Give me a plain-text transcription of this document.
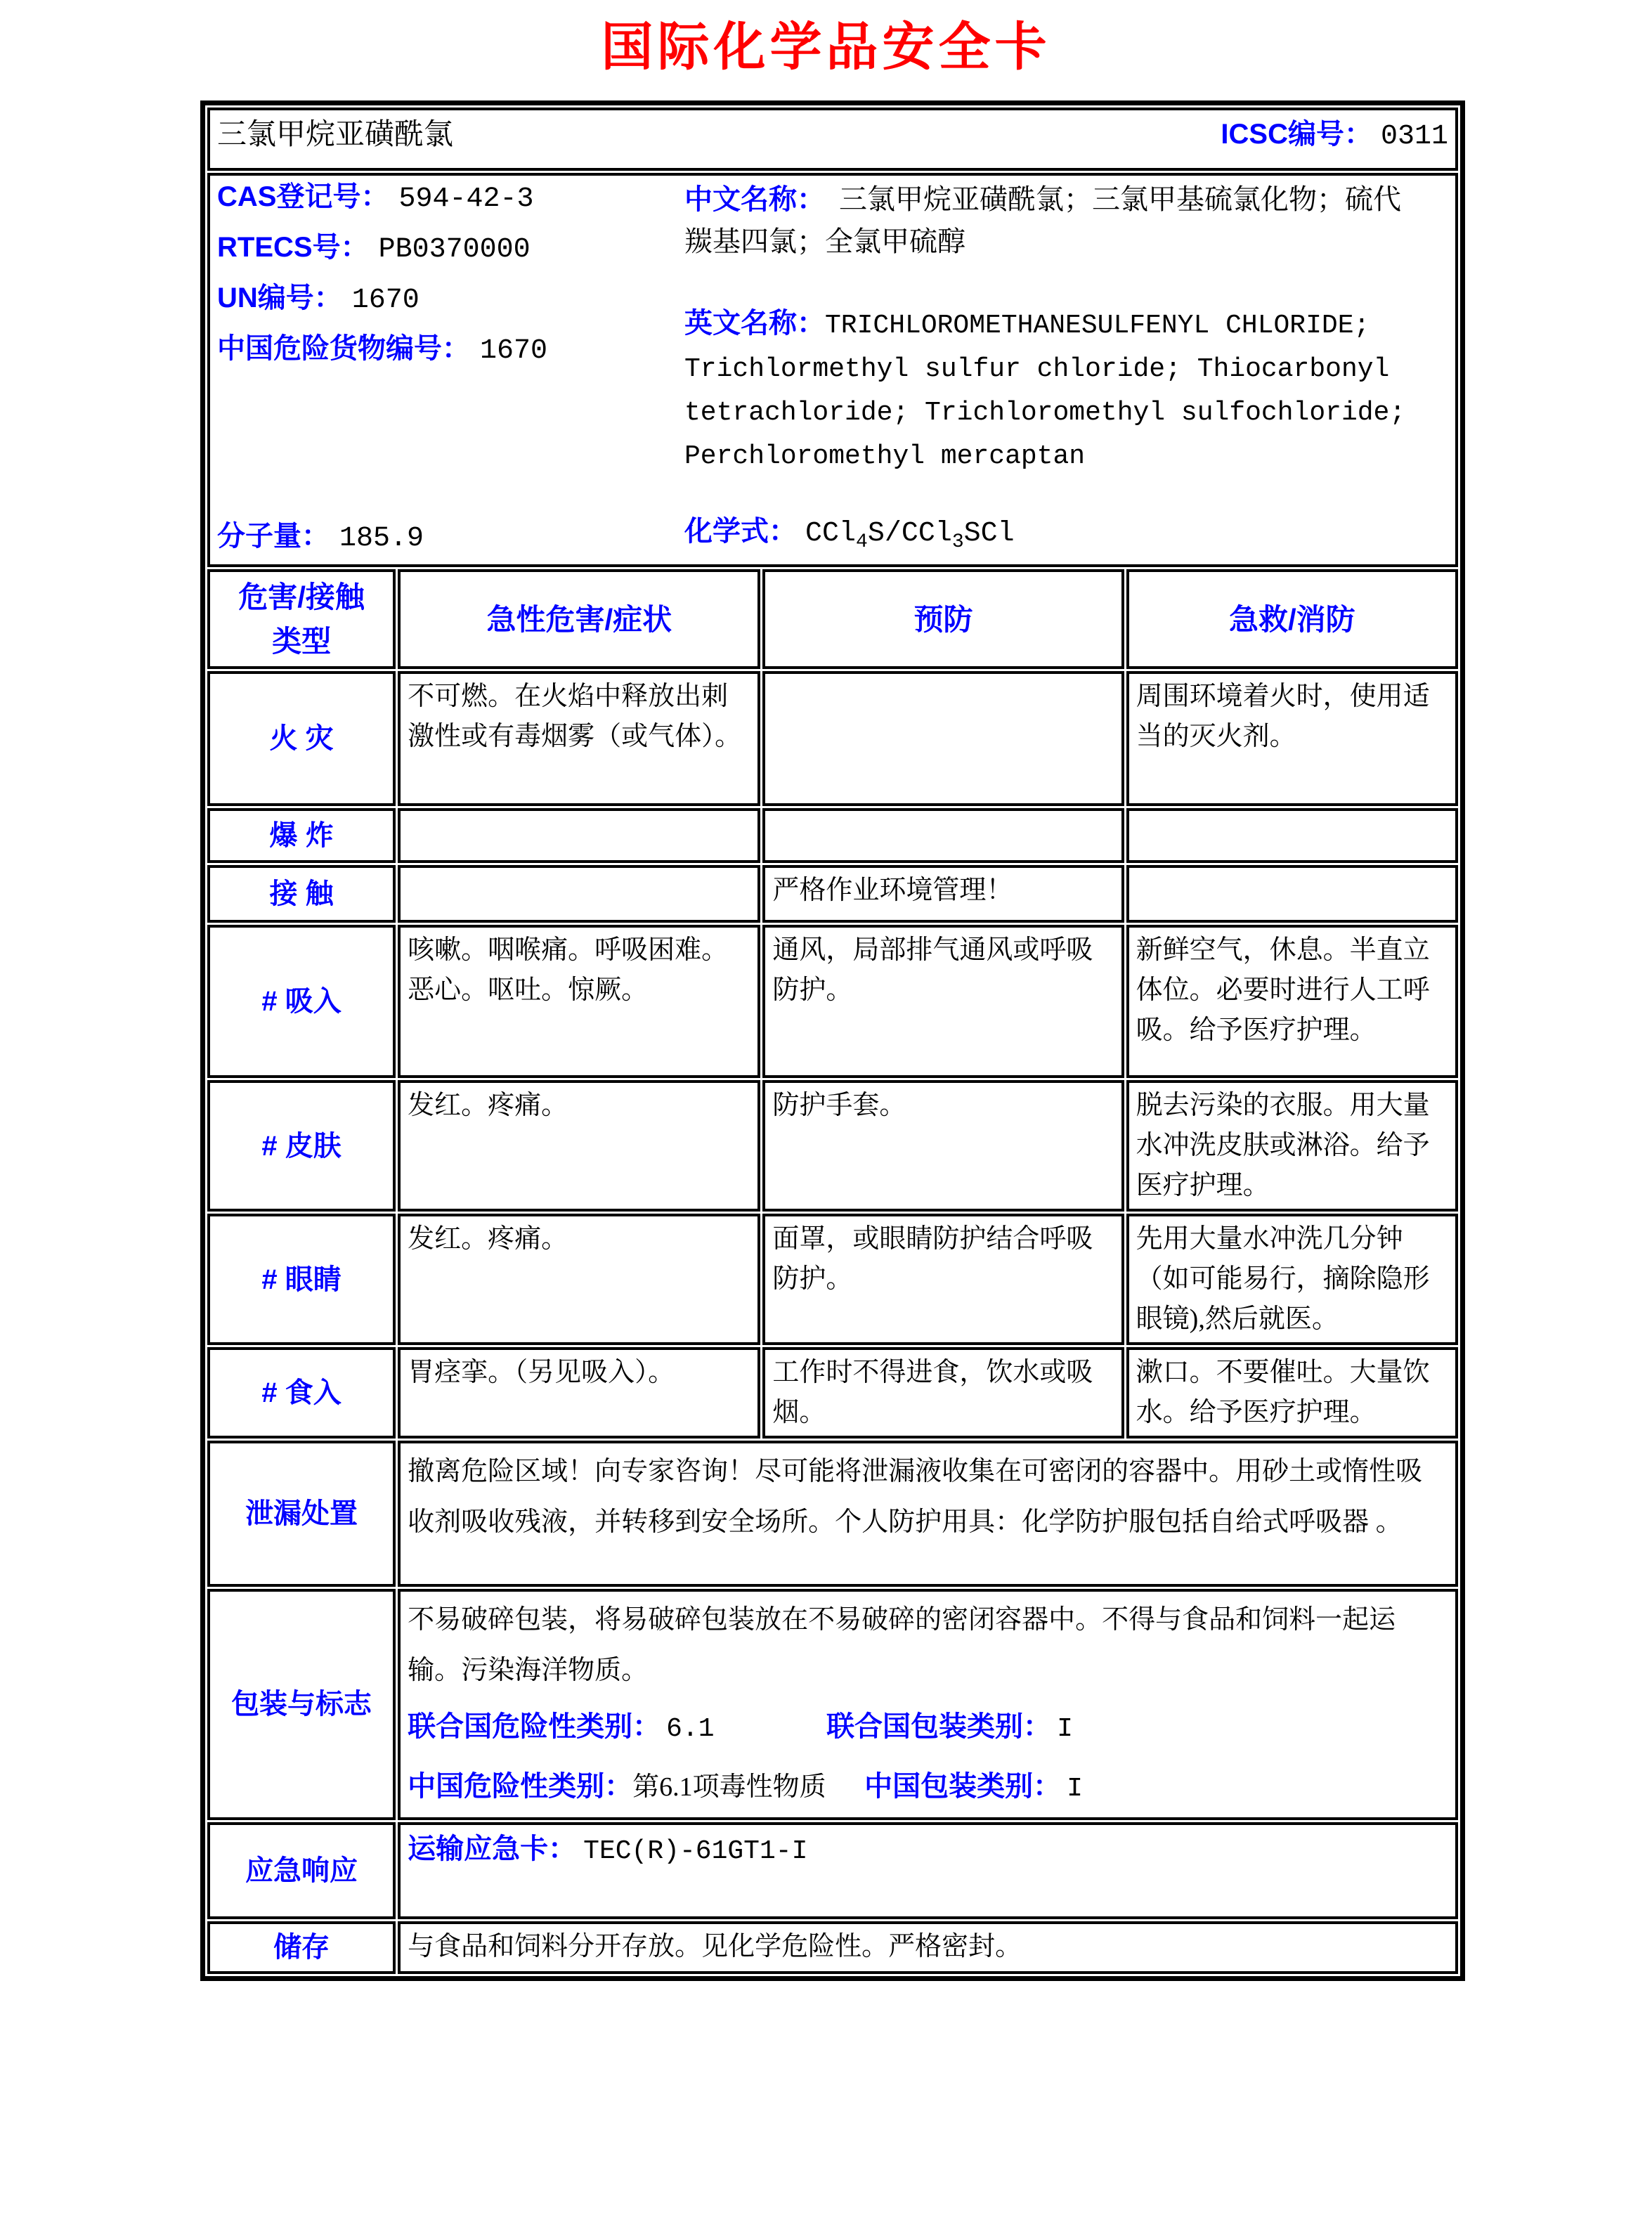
国际化学品安全卡
三氯甲烷亚磺酰氯 ICSC编号： 0311			

CAS登记号： 594-42-3
RTECS号： PB0370000
UN编号： 1670
中国危险货物编号： 1670
分子量： 185.9
中文名称： 三氯甲烷亚磺酰氯；三氯甲基硫氯化物；硫代羰基四氯；全氯甲硫醇
英文名称：TRICHLOROMETHANESULFENYL CHLORIDE; Trichlormethyl sulfur chloride; Thiocarbonyl tetrachloride; Trichloromethyl sulfochloride; Perchloromethyl mercaptan
化学式： CCl$_4$S/CCl$_3$SCl

危害/接触
类型	急性危害/症状	预防	急救/消防
火 灾	不可燃。在火焰中释放出刺激性或有毒烟雾（或气体）。		周围环境着火时，使用适当的灭火剂。
爆 炸			
接 触		严格作业环境管理！	
# 吸入	咳嗽。咽喉痛。呼吸困难。恶心。呕吐。惊厥。	通风，局部排气通风或呼吸防护。	新鲜空气，休息。半直立体位。必要时进行人工呼吸。给予医疗护理。
# 皮肤	发红。疼痛。	防护手套。	脱去污染的衣服。用大量水冲洗皮肤或淋浴。给予医疗护理。
# 眼睛	发红。疼痛。	面罩，或眼睛防护结合呼吸防护。	先用大量水冲洗几分钟（如可能易行，摘除隐形眼镜),然后就医。
# 食入	胃痉挛。（另见吸入）。	工作时不得进食，饮水或吸烟。	漱口。不要催吐。大量饮水。给予医疗护理。
泄漏处置	撤离危险区域！向专家咨询！尽可能将泄漏液收集在可密闭的容器中。用砂土或惰性吸收剂吸收残液，并转移到安全场所。个人防护用具：化学防护服包括自给式呼吸器 。		
包装与标志	不易破碎包装，将易破碎包装放在不易破碎的密闭容器中。不得与食品和饲料一起运输。污染海洋物质。
联合国危险性类别： 6.1 联合国包装类别： I
中国危险性类别：第6.1项毒性物质 中国包装类别： I		

应急响应	运输应急卡： TEC(R)-61GT1-I		

储存	与食品和饲料分开存放。见化学危险性。严格密封。		
